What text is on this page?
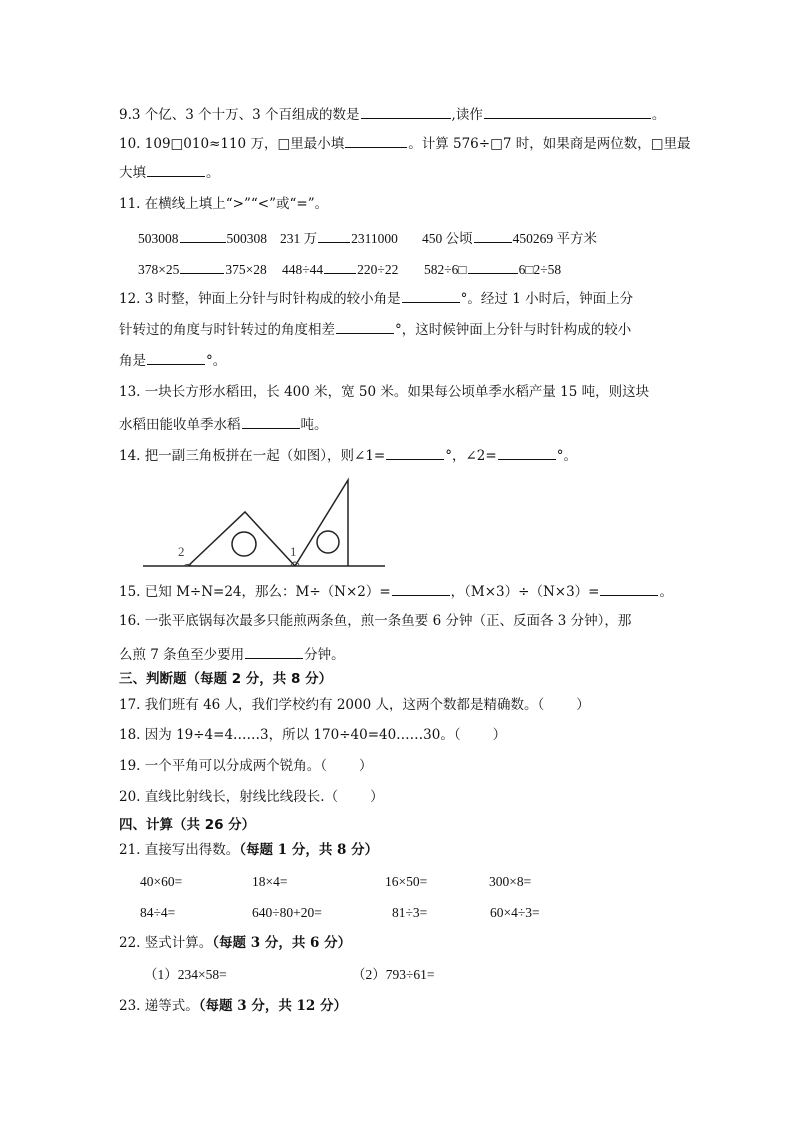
9.3 个亿、3 个十万、3 个百组成的数是	,读作	。
10. 109□010≈110 万，□里最小填	。计算 576÷□7 时，如果商是两位数，□里最
大填	。
11. 在横线上填上“>”“<”或“=”。
503008	500308 231 万	2311000 450 公顷	450269 平方米
378×25	375×28 448÷44	220÷22 582÷6□	6□2÷58
12. 3 时整，钟面上分针与时针构成的较小角是	°。经过 1 小时后，钟面上分
针转过的角度与时针转过的角度相差	°，这时候钟面上分针与时针构成的较小
角是	°。
13. 一块长方形水稻田，长 400 米，宽 50 米。如果每公顷单季水稻产量 15 吨，则这块
水稻田能收单季水稻	吨。
14. 把一副三角板拼在一起（如图），则∠1=	°，∠2=	°。
2	1
15. 已知 M÷N=24，那么：M÷（N×2）=	，（M×3）÷（N×3）=	。
16. 一张平底锅每次最多只能煎两条鱼，煎一条鱼要 6 分钟（正、反面各 3 分钟），那
么煎 7 条鱼至少要用	分钟。
三、判断题（每题 2 分，共 8 分）
17. 我们班有 46 人，我们学校约有 2000 人，这两个数都是精确数。（ ）
18. 因为 19÷4=4……3，所以 170÷40=40……30。（ ）
19. 一个平角可以分成两个锐角。（ ）
20. 直线比射线长，射线比线段长.（ ）
四、计算（共 26 分）
21. 直接写出得数。（每题 1 分，共 8 分）
40×60=	18×4=	16×50=	300×8=
84÷4=	640÷80+20=	81÷3=	60×4÷3=
22. 竖式计算。（每题 3 分，共 6 分）
（1）234×58=	（2）793÷61=
23. 递等式。（每题 3 分，共 12 分）
